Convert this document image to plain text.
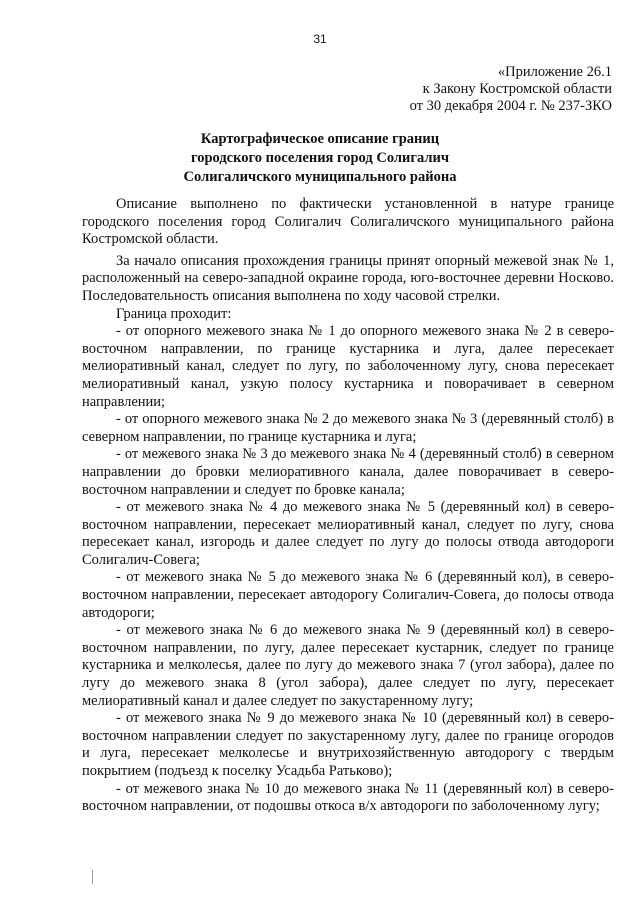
31
«Приложение 26.1
к Закону Костромской области
от 30 декабря 2004 г. № 237-ЗКО
Картографическое описание границ
городского поселения город Солигалич
Солигаличского муниципального района

Описание выполнено по фактически установленной в натуре границе городского поселения город Солигалич Солигаличского муниципального района Костромской области.

За начало описания прохождения границы принят опорный межевой знак № 1, расположенный на северо-западной окраине города, юго-восточнее деревни Носково. Последовательность описания выполнена по ходу часовой стрелки.

Граница проходит:

- от опорного межевого знака № 1 до опорного межевого знака № 2 в северо-восточном направлении, по границе кустарника и луга, далее пересекает мелиоративный канал, следует по лугу, по заболоченному лугу, снова пересекает мелиоративный канал, узкую полосу кустарника и поворачивает в северном направлении;

- от опорного межевого знака № 2 до межевого знака № 3 (деревянный столб) в северном направлении, по границе кустарника и луга;

- от межевого знака № 3 до межевого знака № 4 (деревянный столб) в северном направлении до бровки мелиоративного канала, далее поворачивает в северо-восточном направлении и следует по бровке канала;

- от межевого знака № 4 до межевого знака № 5 (деревянный кол) в северо-восточном направлении, пересекает мелиоративный канал, следует по лугу, снова пересекает канал, изгородь и далее следует по лугу до полосы отвода автодороги Солигалич-Совега;

- от межевого знака № 5 до межевого знака № 6 (деревянный кол), в северо-восточном направлении, пересекает автодорогу Солигалич-Совега, до полосы отвода автодороги;

- от межевого знака № 6 до межевого знака № 9 (деревянный кол) в северо-восточном направлении, по лугу, далее пересекает кустарник, следует по границе кустарника и мелколесья, далее по лугу до межевого знака 7 (угол забора), далее по лугу до межевого знака 8 (угол забора), далее следует по лугу, пересекает мелиоративный канал и далее следует по закустаренному лугу;

- от межевого знака № 9 до межевого знака № 10 (деревянный кол) в северо-восточном направлении следует по закустаренному лугу, далее по границе огородов и луга, пересекает мелколесье и внутрихозяйственную автодорогу с твердым покрытием (подъезд к поселку Усадьба Ратьково);

- от межевого знака № 10 до межевого знака № 11 (деревянный кол) в северо-восточном направлении, от подошвы откоса в/х автодороги по заболоченному лугу;
